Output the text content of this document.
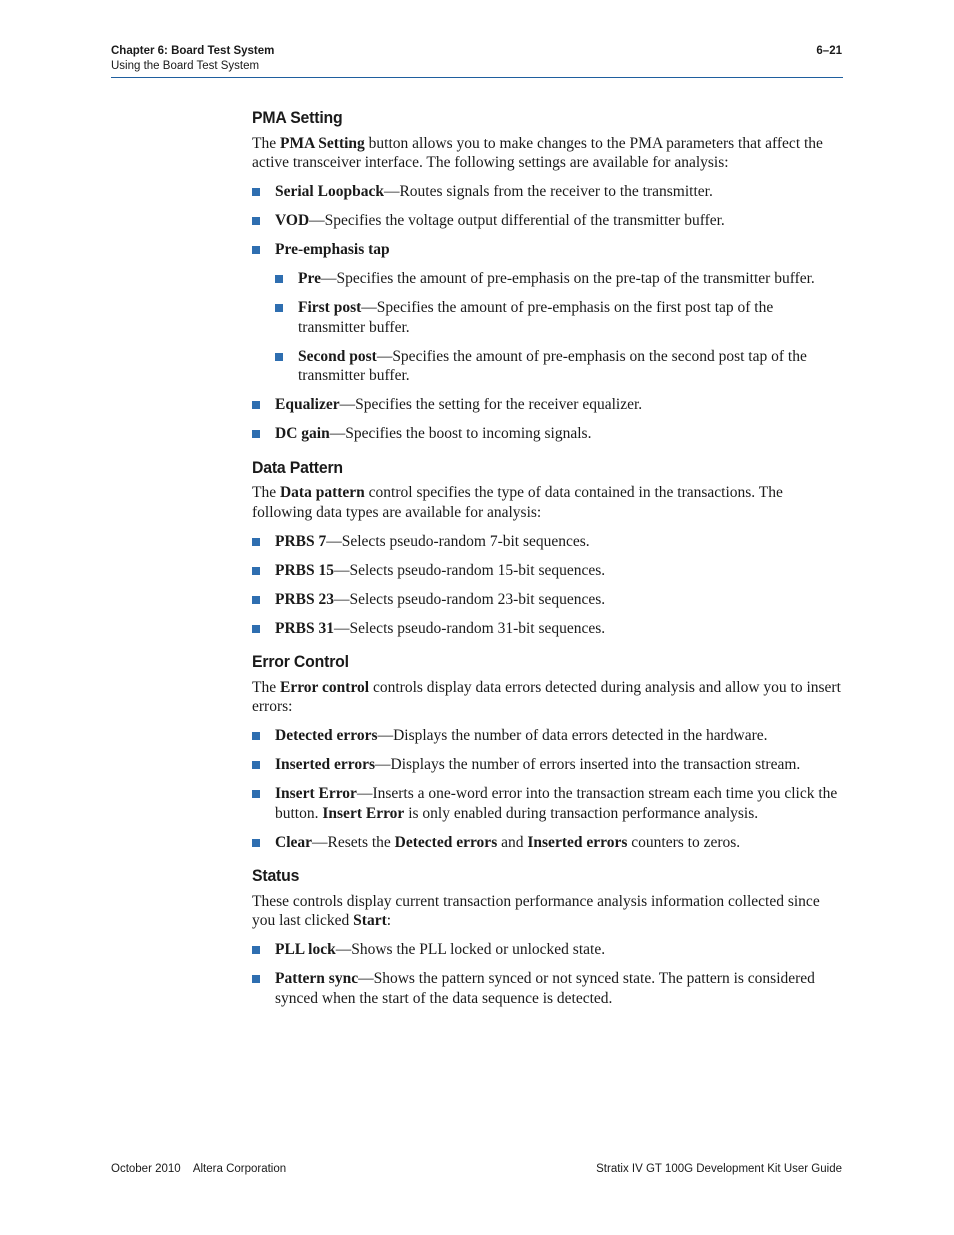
Chapter 6: Board Test System
Using the Board Test System
6–21
PMA Setting

The PMA Setting button allows you to make changes to the PMA parameters that affect the active transceiver interface. The following settings are available for analysis:

Serial Loopback—Routes signals from the receiver to the transmitter.
VOD—Specifies the voltage output differential of the transmitter buffer.
Pre-emphasis tap
Pre—Specifies the amount of pre-emphasis on the pre-tap of the transmitter buffer.
First post—Specifies the amount of pre-emphasis on the first post tap of the transmitter buffer.
Second post—Specifies the amount of pre-emphasis on the second post tap of the transmitter buffer.
Equalizer—Specifies the setting for the receiver equalizer.
DC gain—Specifies the boost to incoming signals.
Data Pattern

The Data pattern control specifies the type of data contained in the transactions. The following data types are available for analysis:

PRBS 7—Selects pseudo-random 7-bit sequences.
PRBS 15—Selects pseudo-random 15-bit sequences.
PRBS 23—Selects pseudo-random 23-bit sequences.
PRBS 31—Selects pseudo-random 31-bit sequences.
Error Control

The Error control controls display data errors detected during analysis and allow you to insert errors:

Detected errors—Displays the number of data errors detected in the hardware.
Inserted errors—Displays the number of errors inserted into the transaction stream.
Insert Error—Inserts a one-word error into the transaction stream each time you click the button. Insert Error is only enabled during transaction performance analysis.
Clear—Resets the Detected errors and Inserted errors counters to zeros.
Status

These controls display current transaction performance analysis information collected since you last clicked Start:

PLL lock—Shows the PLL locked or unlocked state.
Pattern sync—Shows the pattern synced or not synced state. The pattern is considered synced when the start of the data sequence is detected.
October 2010    Altera Corporation	Stratix IV GT 100G Development Kit User Guide
